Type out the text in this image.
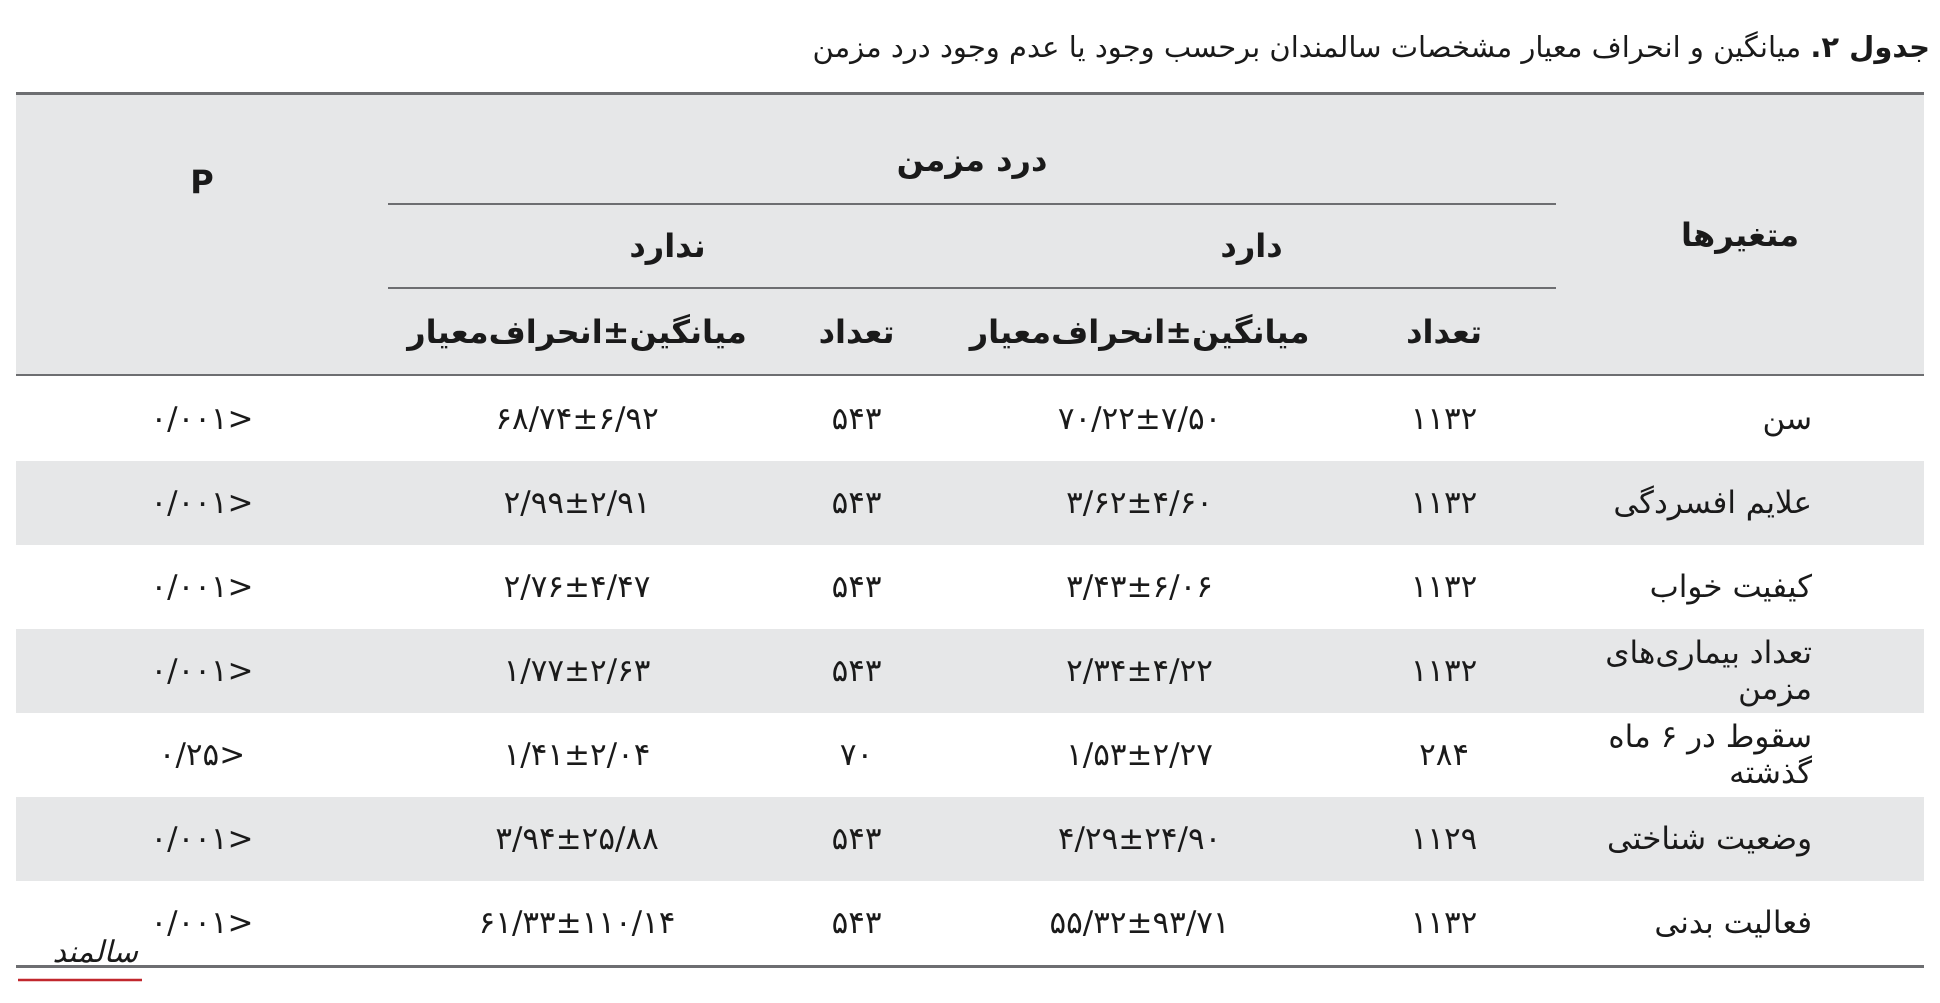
جدول ۲. میانگین و انحراف معیار مشخصات سالمندان برحسب وجود یا عدم وجود درد مزمن
متغیرها	درد مزمن				P
	دارد		ندارد		
	تعداد	میانگین±انحراف‌معیار	تعداد	میانگین±انحراف‌معیار	
سن	۱۱۳۲	۷۰/۲۲±۷/۵۰	۵۴۳	۶۸/۷۴±۶/۹۲	<۰/۰۰۱
علایم افسردگی	۱۱۳۲	۳/۶۲±۴/۶۰	۵۴۳	۲/۹۹±۲/۹۱	<۰/۰۰۱
کیفیت خواب	۱۱۳۲	۳/۴۳±۶/۰۶	۵۴۳	۲/۷۶±۴/۴۷	<۰/۰۰۱
تعداد بیماری‌های مزمن	۱۱۳۲	۲/۳۴±۴/۲۲	۵۴۳	۱/۷۷±۲/۶۳	<۰/۰۰۱
سقوط در ۶ ماه گذشته	۲۸۴	۱/۵۳±۲/۲۷	۷۰	۱/۴۱±۲/۰۴	<۰/۲۵
وضعیت شناختی	۱۱۲۹	۴/۲۹±۲۴/۹۰	۵۴۳	۳/۹۴±۲۵/۸۸	<۰/۰۰۱
فعالیت بدنی	۱۱۳۲	۵۵/۳۲±۹۳/۷۱	۵۴۳	۶۱/۳۳±۱۱۰/۱۴	<۰/۰۰۱
سالمند
